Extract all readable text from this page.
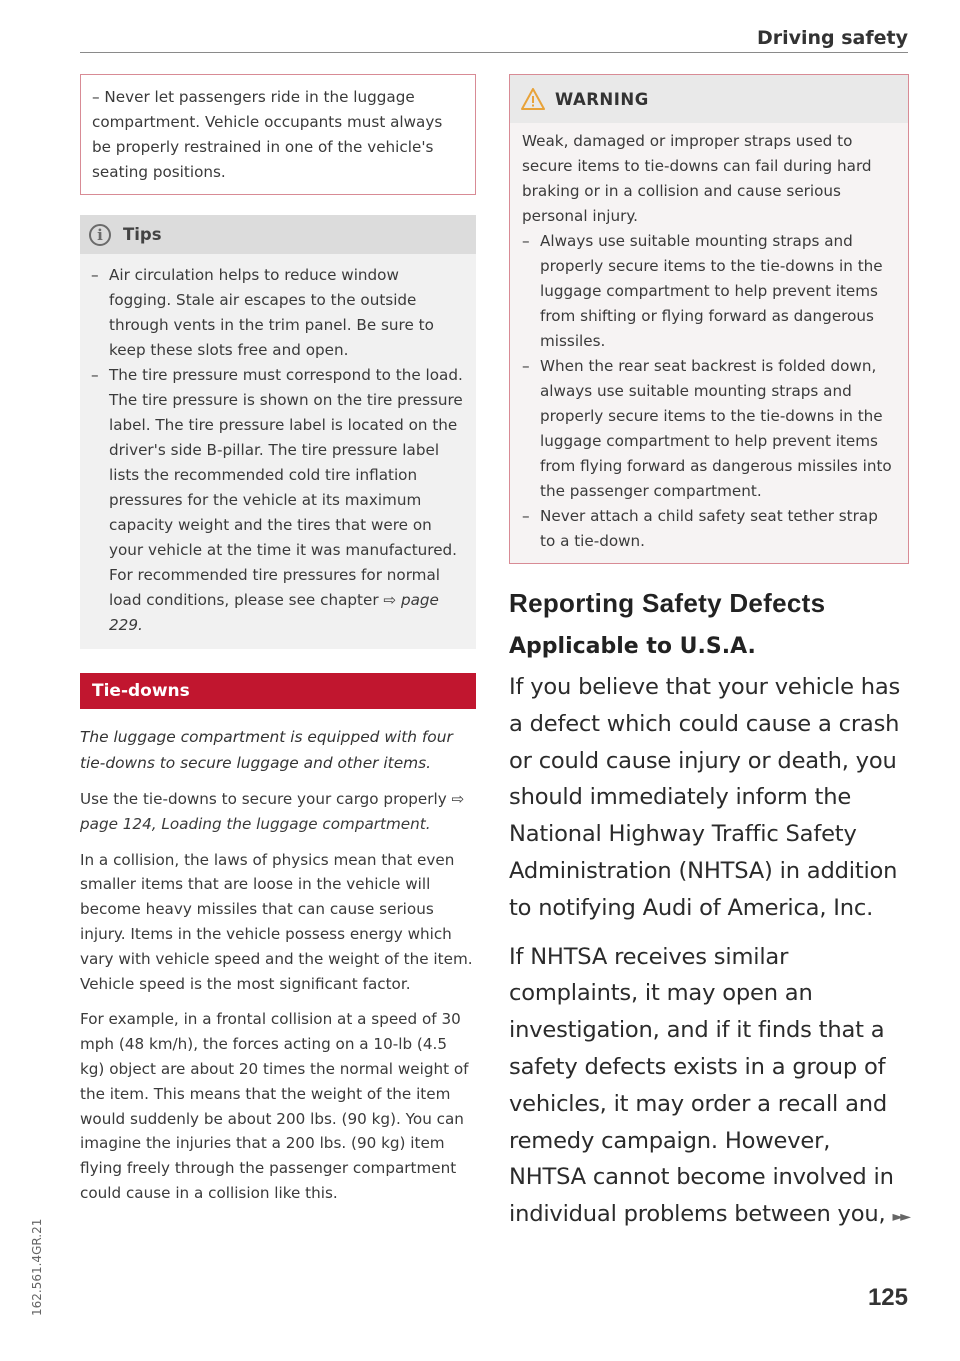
Driving safety
– Never let passengers ride in the luggage compartment. Vehicle occupants must always be properly restrained in one of the vehicle's seating positions.
i	Tips
– Air circulation helps to reduce window fogging. Stale air escapes to the outside through vents in the trim panel. Be sure to keep these slots free and open.
– The tire pressure must correspond to the load. The tire pressure is shown on the tire pressure label. The tire pressure label is located on the driver's side B-pillar. The tire pressure label lists the recommended cold tire inflation pressures for the vehicle at its maximum capacity weight and the tires that were on your vehicle at the time it was manufactured. For recommended tire pressures for normal load conditions, please see chapter ⇨ page 229.
Tie-downs
The luggage compartment is equipped with four tie-downs to secure luggage and other items.
Use the tie-downs to secure your cargo properly ⇨ page 124, Loading the luggage compartment.
In a collision, the laws of physics mean that even smaller items that are loose in the vehicle will become heavy missiles that can cause serious injury. Items in the vehicle possess energy which vary with vehicle speed and the weight of the item. Vehicle speed is the most significant factor.
For example, in a frontal collision at a speed of 30 mph (48 km/h), the forces acting on a 10-lb (4.5 kg) object are about 20 times the normal weight of the item. This means that the weight of the item would suddenly be about 200 lbs. (90 kg). You can imagine the injuries that a 200 lbs. (90 kg) item flying freely through the passenger compartment could cause in a collision like this.
WARNING
Weak, damaged or improper straps used to secure items to tie-downs can fail during hard braking or in a collision and cause serious personal injury.
– Always use suitable mounting straps and properly secure items to the tie-downs in the luggage compartment to help prevent items from shifting or flying forward as dangerous missiles.
– When the rear seat backrest is folded down, always use suitable mounting straps and properly secure items to the tie-downs in the luggage compartment to help prevent items from flying forward as dangerous missiles into the passenger compartment.
– Never attach a child safety seat tether strap to a tie-down.
Reporting Safety Defects
Applicable to U.S.A.
If you believe that your vehicle has a defect which could cause a crash or could cause injury or death, you should immediately inform the National Highway Traffic Safety Administration (NHTSA) in addition to notifying Audi of America, Inc.
If NHTSA receives similar complaints, it may open an investigation, and if it finds that a safety defects exists in a group of vehicles, it may order a recall and remedy campaign. However, NHTSA cannot become involved in individual problems between you, ►►
125
162.561.4GR.21
